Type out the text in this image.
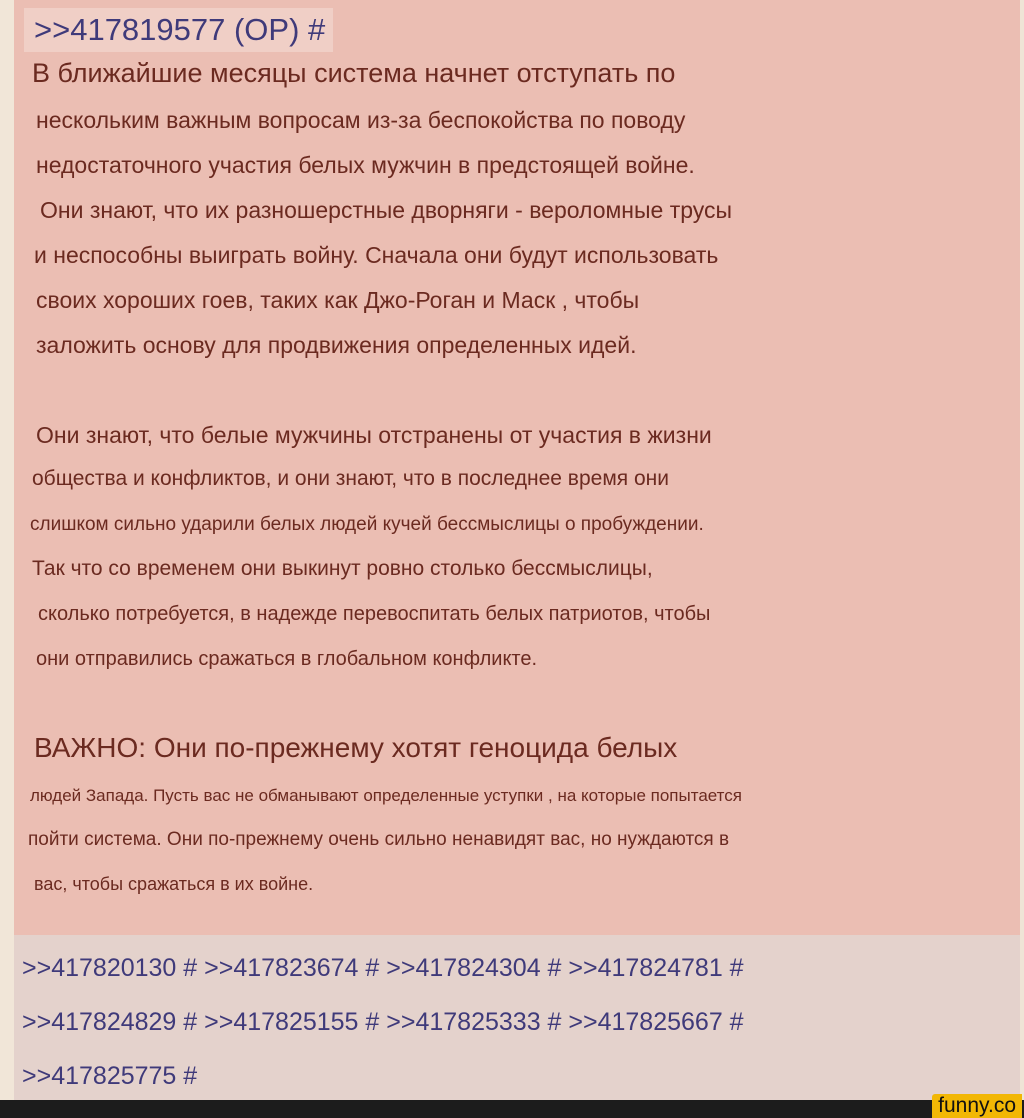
>>417819577 (OP) #
В ближайшие месяцы система начнет отступать по
нескольким важным вопросам из-за беспокойства по поводу
недостаточного участия белых мужчин в предстоящей войне.
Они знают, что их разношерстные дворняги - вероломные трусы
и неспособны выиграть войну. Сначала они будут использовать
своих хороших гоев, таких как Джо-Роган и Маск , чтобы
заложить основу для продвижения определенных идей.
Они знают, что белые мужчины отстранены от участия в жизни
общества и конфликтов, и они знают, что в последнее время они
слишком сильно ударили белых людей кучей бессмыслицы о пробуждении.
Так что со временем они выкинут ровно столько бессмыслицы,
сколько потребуется, в надежде перевоспитать белых патриотов, чтобы
они отправились сражаться в глобальном конфликте.
ВАЖНО: Они по-прежнему хотят геноцида белых
людей Запада. Пусть вас не обманывают определенные уступки , на которые попытается
пойти система. Они по-прежнему очень сильно ненавидят вас, но нуждаются в
вас, чтобы сражаться в их войне.
>>417820130 # >>417823674 # >>417824304 # >>417824781 #
>>417824829 # >>417825155 # >>417825333 # >>417825667 #
>>417825775 #
funny.co
